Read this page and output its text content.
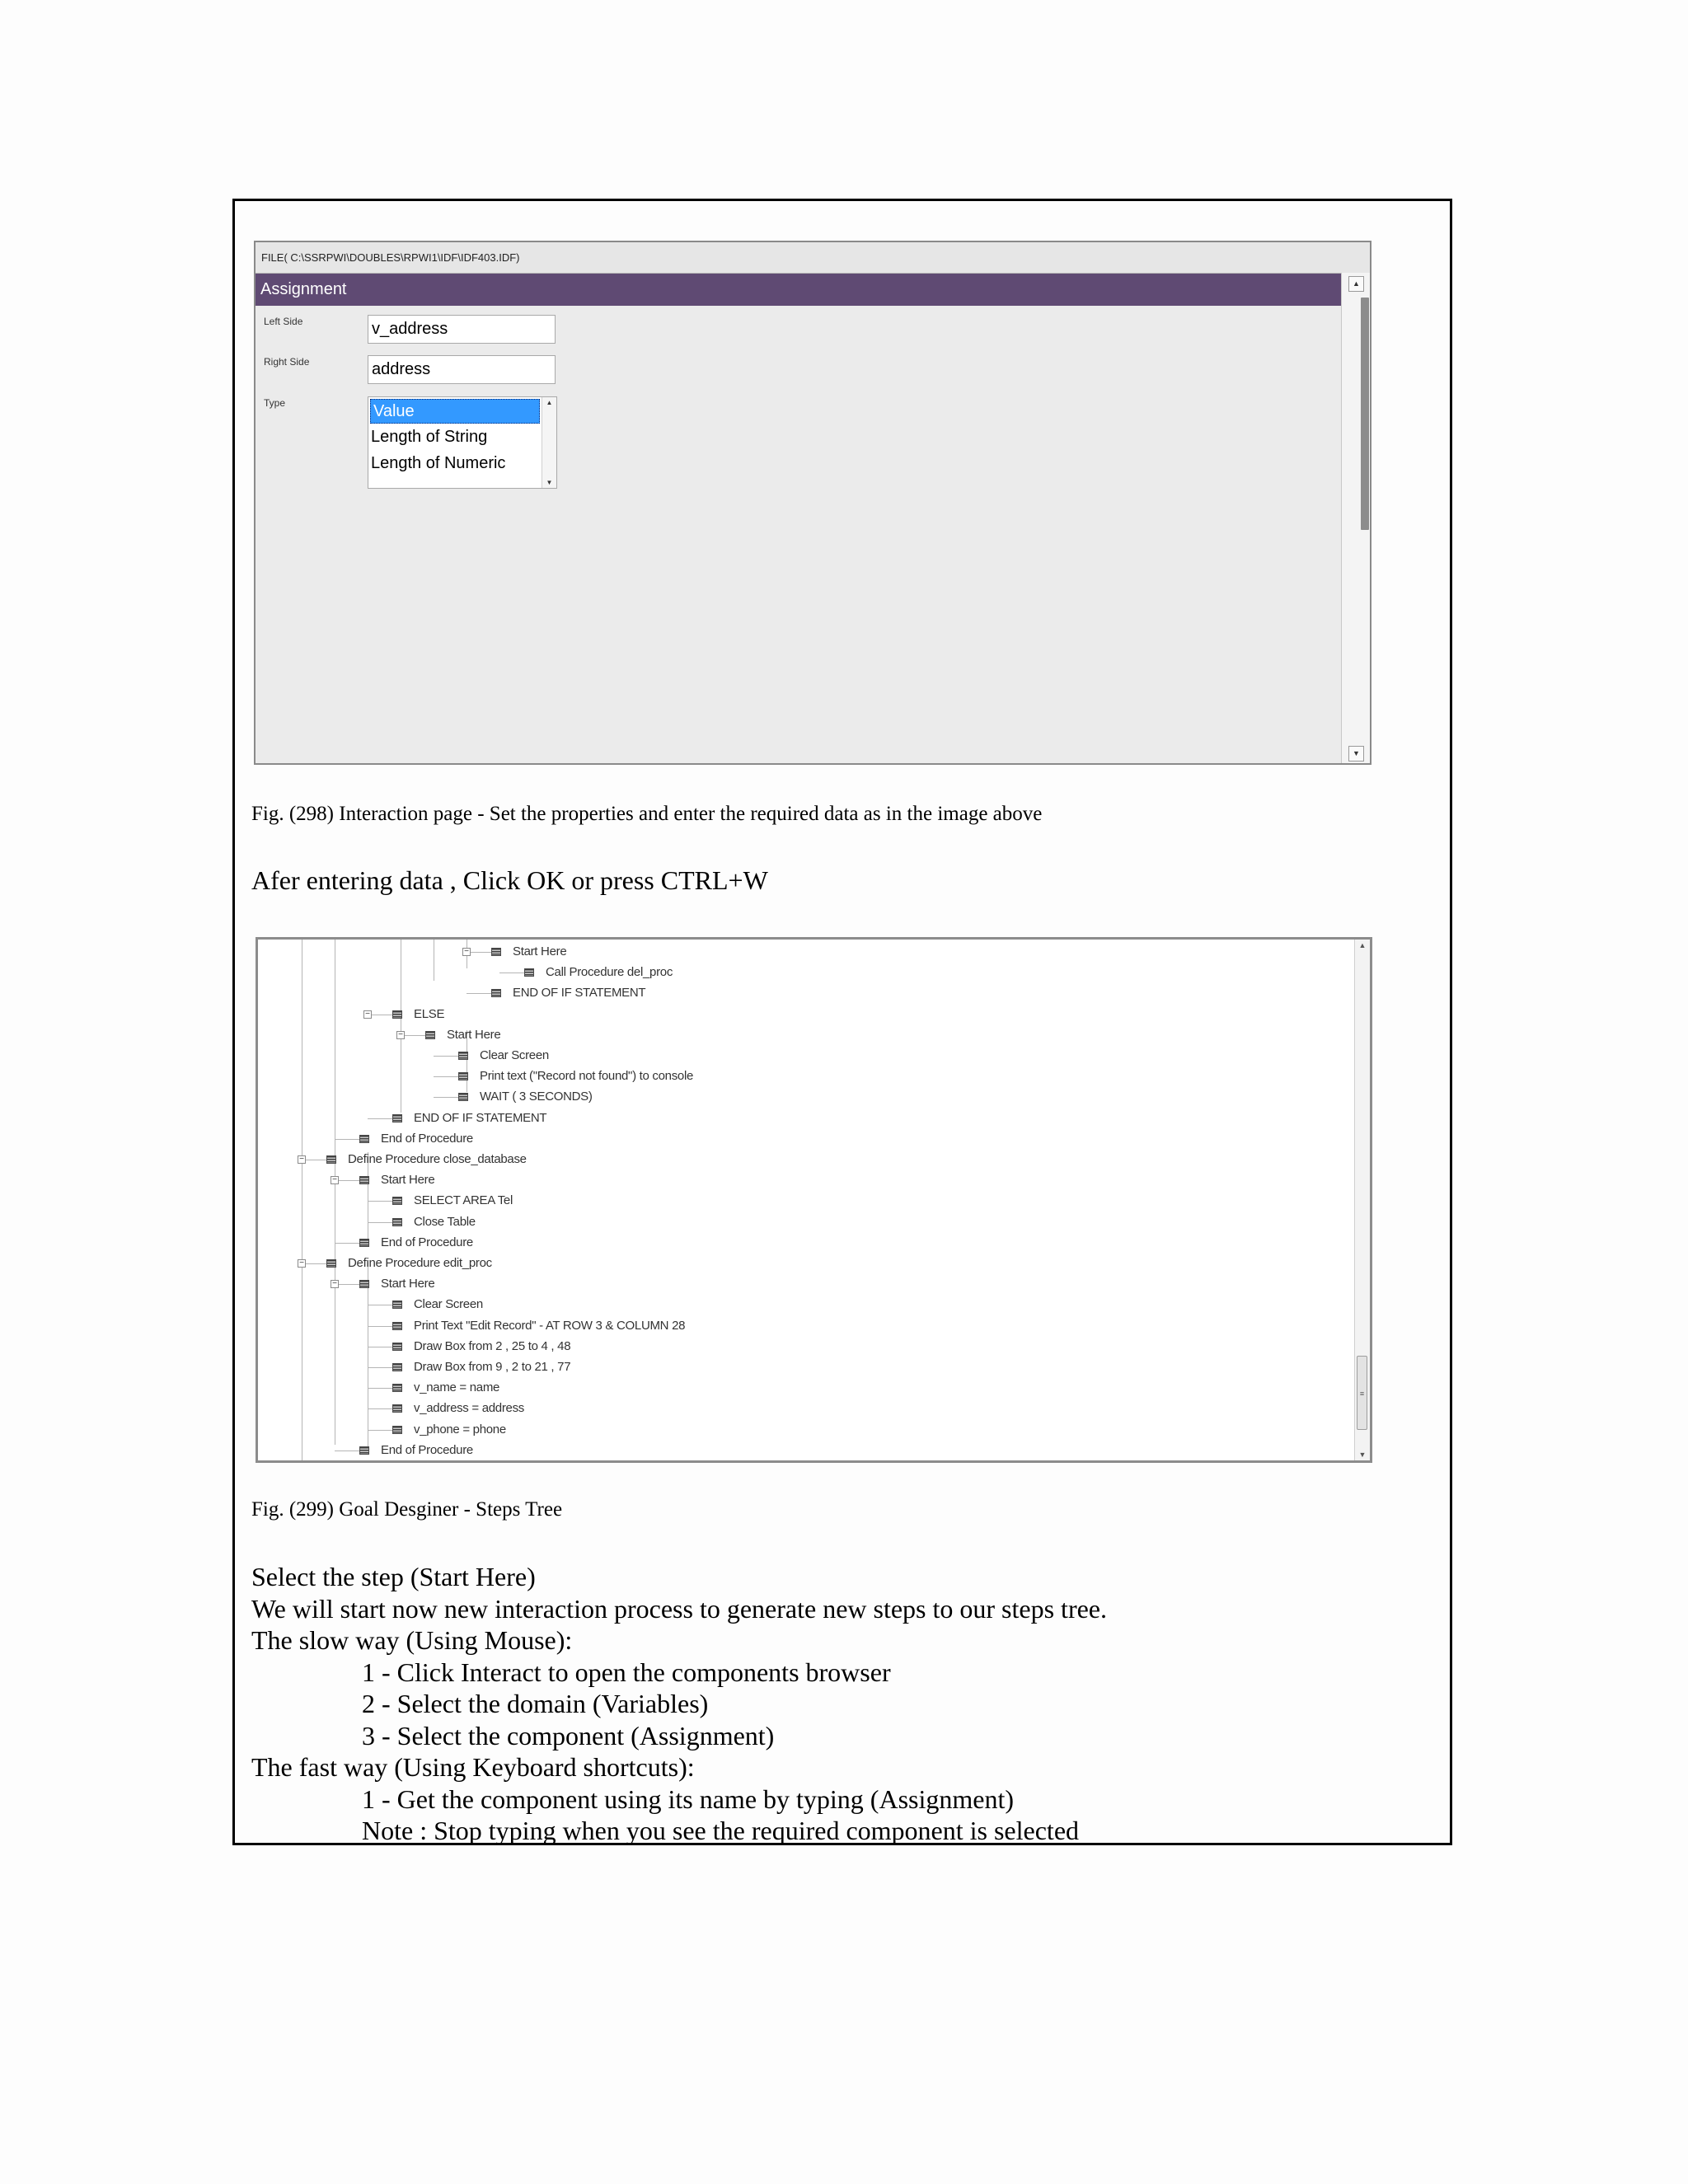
FILE( C:\SSRPWI\DOUBLES\RPWI1\IDF\IDF403.IDF)
Assignment
Left Side	v_address
Right Side	address
Type	Value
Length of String
Length of Numeric
▲
▼
▲
▼
Fig. (298) Interaction page - Set the properties and enter the required data as in the image above
Afer entering data , Click OK or press CTRL+W
−	Start Here
Call Procedure del_proc
END OF IF STATEMENT
−	ELSE
−	Start Here
Clear Screen
Print text ("Record not found") to console
WAIT ( 3 SECONDS)
END OF IF STATEMENT
End of Procedure
−	Define Procedure close_database
−	Start Here
SELECT AREA Tel
Close Table
End of Procedure
−	Define Procedure edit_proc
−	Start Here
Clear Screen
Print Text "Edit Record" - AT ROW 3 & COLUMN 28
Draw Box from 2 , 25 to 4 , 48
Draw Box from 9 , 2 to 21 , 77
v_name = name
v_address = address
v_phone = phone
End of Procedure
▲
≡
▼
Fig. (299) Goal Desginer - Steps Tree
Select the step (Start Here)
We will start now new interaction process to generate new steps to our steps tree.
The slow way (Using Mouse):
1 - Click Interact to open the components browser
2 - Select the domain (Variables)
3 - Select the component (Assignment)
The fast way (Using Keyboard shortcuts):
1 - Get the component using its name by typing (Assignment)
Note : Stop typing when you see the required component is selected
